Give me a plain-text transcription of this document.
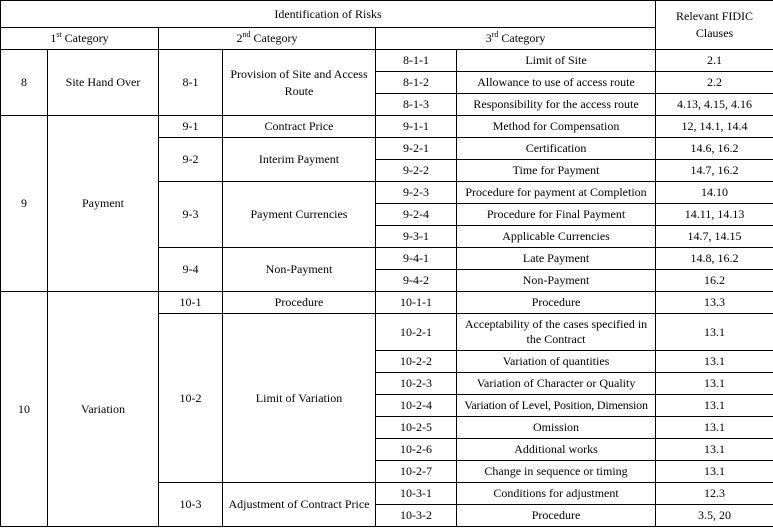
Identification of Risks						Relevant FIDIC Clauses
1st Category		2nd Category		3rd Category		
8	Site Hand Over	8-1	Provision of Site and Access Route	8-1-1	Limit of Site	2.1
				8-1-2	Allowance to use of access route	2.2
				8-1-3	Responsibility for the access route	4.13, 4.15, 4.16
9	Payment	9-1	Contract Price	9-1-1	Method for Compensation	12, 14.1, 14.4
		9-2	Interim Payment	9-2-1	Certification	14.6, 16.2
				9-2-2	Time for Payment	14.7, 16.2
		9-3	Payment Currencies	9-2-3	Procedure for payment at Completion	14.10
				9-2-4	Procedure for Final Payment	14.11, 14.13
				9-3-1	Applicable Currencies	14.7, 14.15
		9-4	Non-Payment	9-4-1	Late Payment	14.8, 16.2
				9-4-2	Non-Payment	16.2
10	Variation	10-1	Procedure	10-1-1	Procedure	13.3
		10-2	Limit of Variation	10-2-1	Acceptability of the cases specified in the Contract	13.1
				10-2-2	Variation of quantities	13.1
				10-2-3	Variation of Character or Quality	13.1
				10-2-4	Variation of Level, Position, Dimension	13.1
				10-2-5	Omission	13.1
				10-2-6	Additional works	13.1
				10-2-7	Change in sequence or timing	13.1
		10-3	Adjustment of Contract Price	10-3-1	Conditions for adjustment	12.3
				10-3-2	Procedure	3.5, 20
